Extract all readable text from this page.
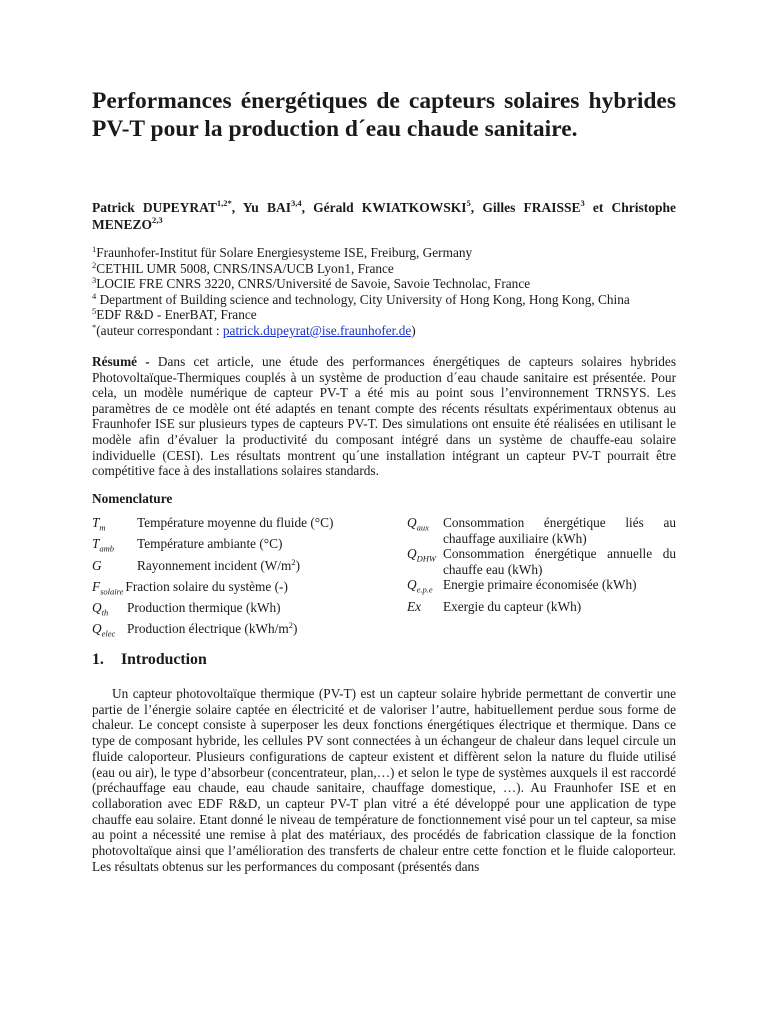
Performances énergétiques de capteurs solaires hybrides PV-T pour la production d´eau chaude sanitaire.

Patrick $DUPEYRAT^{1,2*}$, Yu BAI$^{3,4}$, Gérald KWIATKOWSKI$^5$, Gilles FRAISSE$^3$ et Christophe MENEZO$^{2,3}$

$^1$Fraunhofer-Institut für Solare Energiesysteme ISE, Freiburg, Germany
$^2$CETHIL UMR 5008, CNRS/INSA/UCB Lyon1, France
$^3$LOCIE FRE CNRS 3220, CNRS/Université de Savoie, Savoie Technolac, France
$^4$ Department of Building science and technology, City University of Hong Kong, Hong Kong, China
$^5$EDF R&D - EnerBAT, France
*(auteur correspondant : patrick.dupeyrat@ise.fraunhofer.de)

Résumé - Dans cet article, une étude des performances énergétiques de capteurs solaires hybrides Photovoltaïque-Thermiques couplés à un système de production d´eau chaude sanitaire est présentée. Pour cela, un modèle numérique de capteur PV-T a été mis au point sous l’environnement TRNSYS. Les paramètres de ce modèle ont été adaptés en tenant compte des récents résultats expérimentaux obtenus au Fraunhofer ISE sur plusieurs types de capteurs PV-T. Des simulations ont ensuite été réalisées en utilisant le modèle afin d’évaluer la productivité du composant intégré dans un système de chauffe-eau solaire individuelle (CESI). Les résultats montrent qu´une installation intégrant un capteur PV-T pourrait être compétitive face à des installations solaires standards.

Nomenclature
$T_m$	Température moyenne du fluide (°C)
$T_{amb}$	Température ambiante (°C)
G	Rayonnement incident $(W/m^2)$
$F_{solaire}$ Fraction solaire du système (-)
$Q_{th}$	Production thermique (kWh)
$Q_{elec}$ Production électrique $(kWh/m^2)$
$Q_{aux}$	Consommation énergétique liés au chauffage auxiliaire (kWh)
$Q_{DHW}$ Consommation énergétique annuelle du chauffe eau (kWh)
$Q_{e.p.e}$ Energie primaire économisée (kWh)
Ex	Exergie du capteur (kWh)
1. Introduction

Un capteur photovoltaïque thermique (PV-T) est un capteur solaire hybride permettant de convertir une partie de l’énergie solaire captée en électricité et de valoriser l’autre, habituellement perdue sous forme de chaleur. Le concept consiste à superposer les deux fonctions énergétiques électrique et thermique. Dans ce type de composant hybride, les cellules PV sont connectées à un échangeur de chaleur dans lequel circule un fluide caloporteur. Plusieurs configurations de capteur existent et diffèrent selon la nature du fluide utilisé (eau ou air), le type d’absorbeur (concentrateur, plan,…) et selon le type de systèmes auxquels il est raccordé (préchauffage eau chaude, eau chaude sanitaire, chauffage domestique, …). Au Fraunhofer ISE et en collaboration avec EDF R&D, un capteur PV-T plan vitré a été développé pour une application de type chauffe eau solaire. Etant donné le niveau de température de fonctionnement visé pour un tel capteur, sa mise au point a nécessité une remise à plat des matériaux, des procédés de fabrication classique de la fonction photovoltaïque ainsi que l’amélioration des transferts de chaleur entre cette fonction et le fluide caloporteur. Les résultats obtenus sur les performances du composant (présentés dans
